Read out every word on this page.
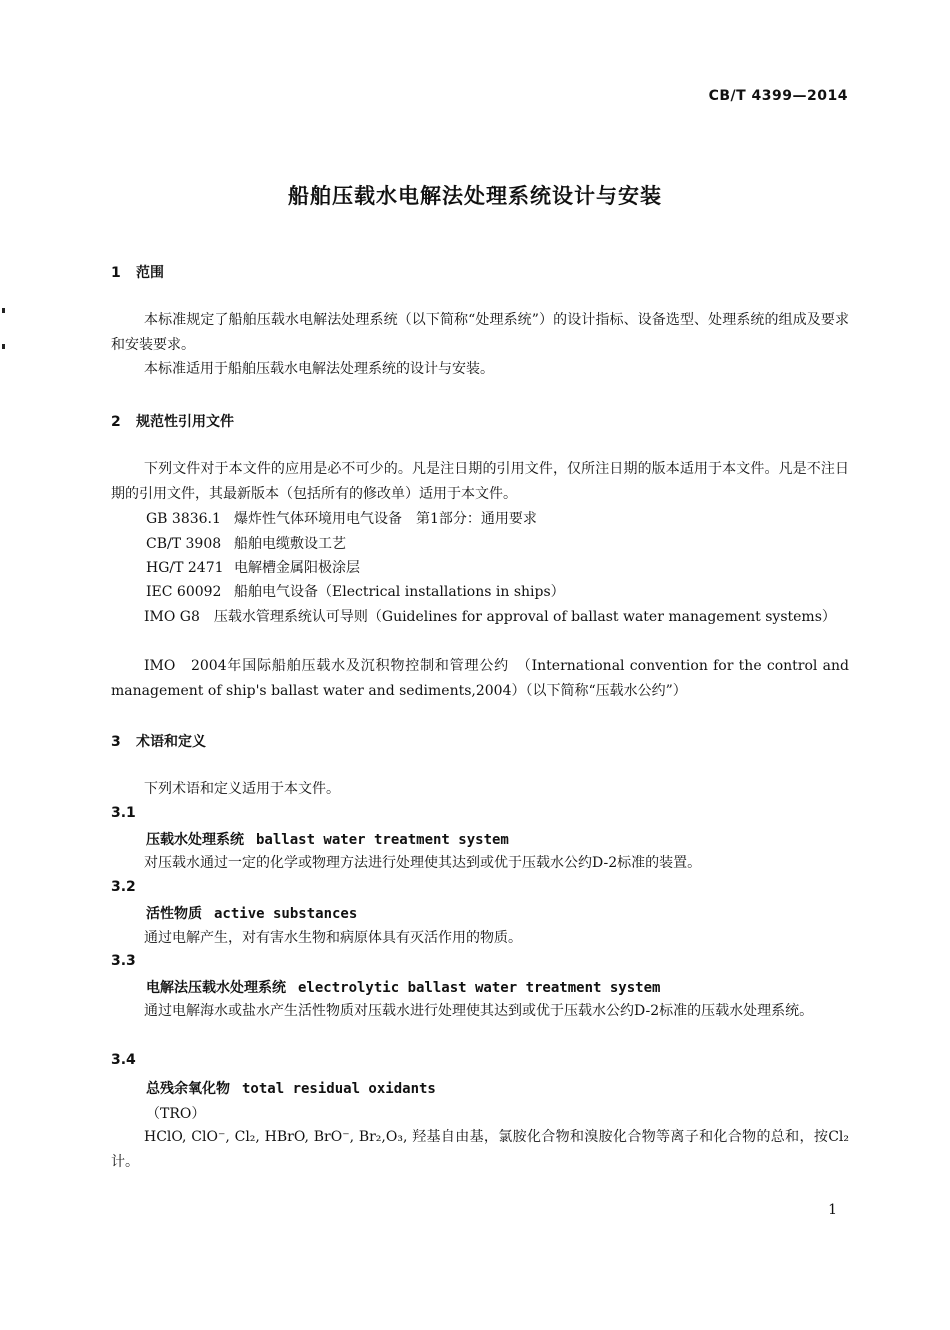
CB/T 4399—2014
船舶压载水电解法处理系统设计与安装
1 范围
本标准规定了船舶压载水电解法处理系统（以下简称“处理系统”）的设计指标、设备选型、处理系统的组成及要求和安装要求。
本标准适用于船舶压载水电解法处理系统的设计与安装。
2 规范性引用文件
下列文件对于本文件的应用是必不可少的。凡是注日期的引用文件，仅所注日期的版本适用于本文件。凡是不注日期的引用文件，其最新版本（包括所有的修改单）适用于本文件。
GB 3836.1 爆炸性气体环境用电气设备　第1部分：通用要求
CB/T 3908 船舶电缆敷设工艺
HG/T 2471 电解槽金属阳极涂层
IEC 60092 船舶电气设备（Electrical installations in ships）
IMO G8　压载水管理系统认可导则（Guidelines for approval of ballast water management systems）
IMO　2004年国际船舶压载水及沉积物控制和管理公约　（International convention for the control and management of ship's ballast water and sediments,2004）（以下简称“压载水公约”）
3 术语和定义
下列术语和定义适用于本文件。
3.1
压载水处理系统 ballast water treatment system
对压载水通过一定的化学或物理方法进行处理使其达到或优于压载水公约D-2标准的装置。
3.2
活性物质 active substances
通过电解产生，对有害水生物和病原体具有灭活作用的物质。
3.3
电解法压载水处理系统 electrolytic ballast water treatment system
通过电解海水或盐水产生活性物质对压载水进行处理使其达到或优于压载水公约D-2标准的压载水处理系统。
3.4
总残余氧化物 total residual oxidants
（TRO）
HClO, ClO⁻, Cl₂, HBrO, BrO⁻, Br₂,O₃, 羟基自由基，氯胺化合物和溴胺化合物等离子和化合物的总和，按Cl₂计。
1
